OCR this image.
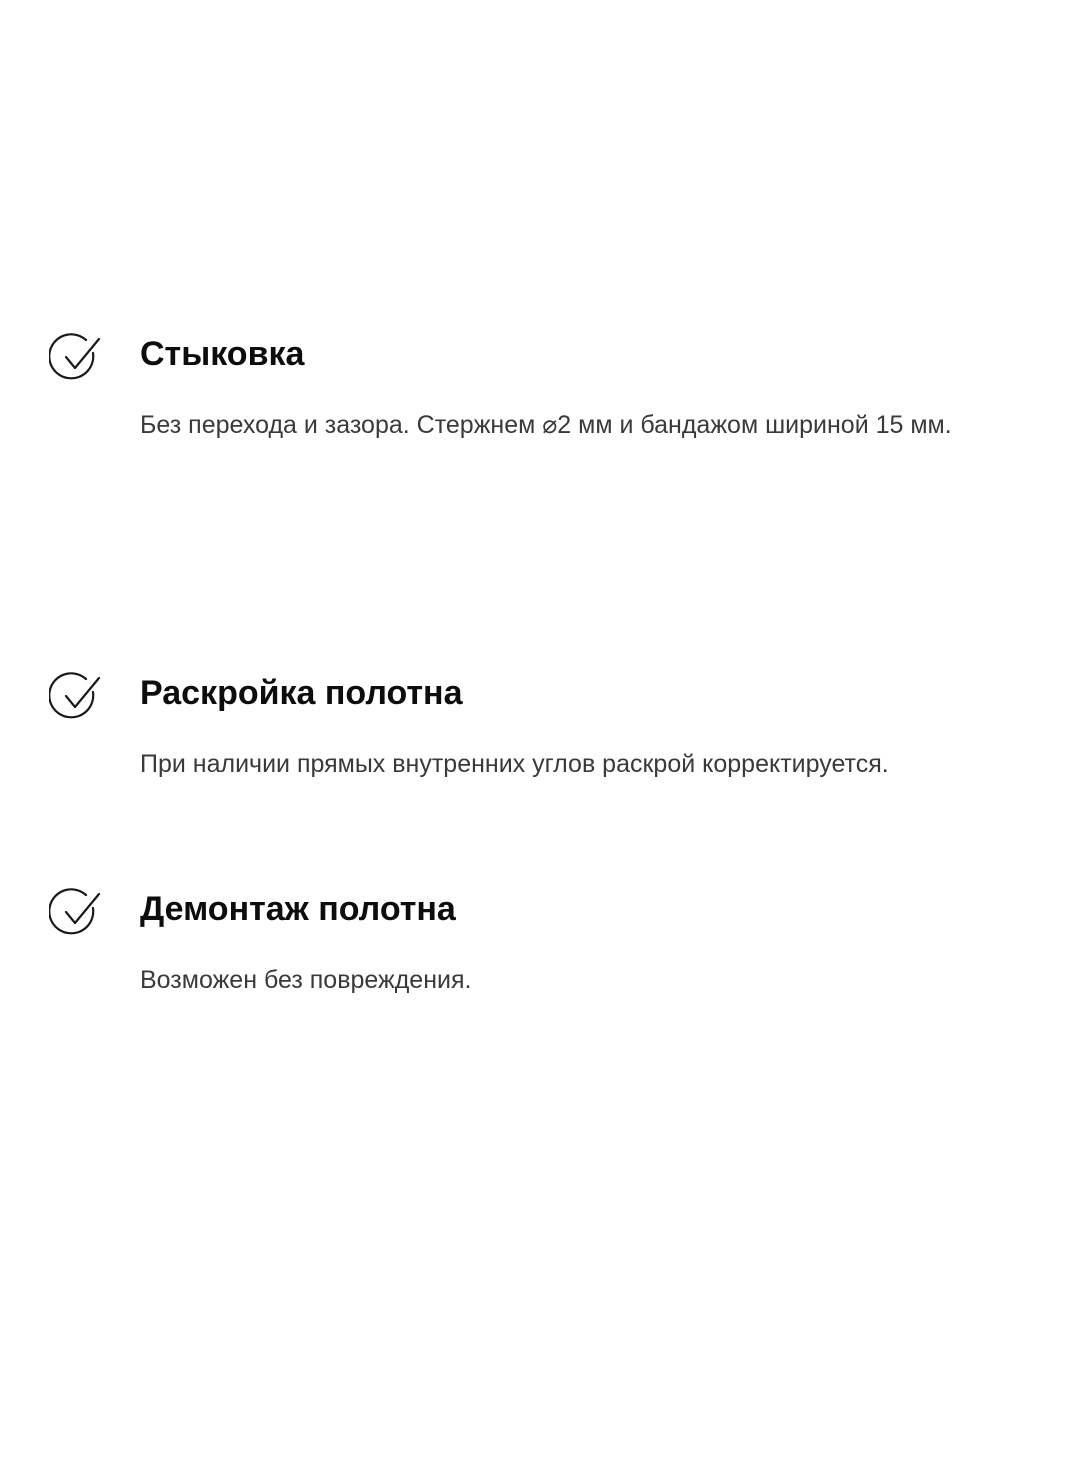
Стыковка
Без перехода и зазора. Стержнем ⌀2 мм и бандажом шириной 15 мм.
Раскройка полотна
При наличии прямых внутренних углов раскрой корректируется.
Демонтаж полотна
Возможен без повреждения.
